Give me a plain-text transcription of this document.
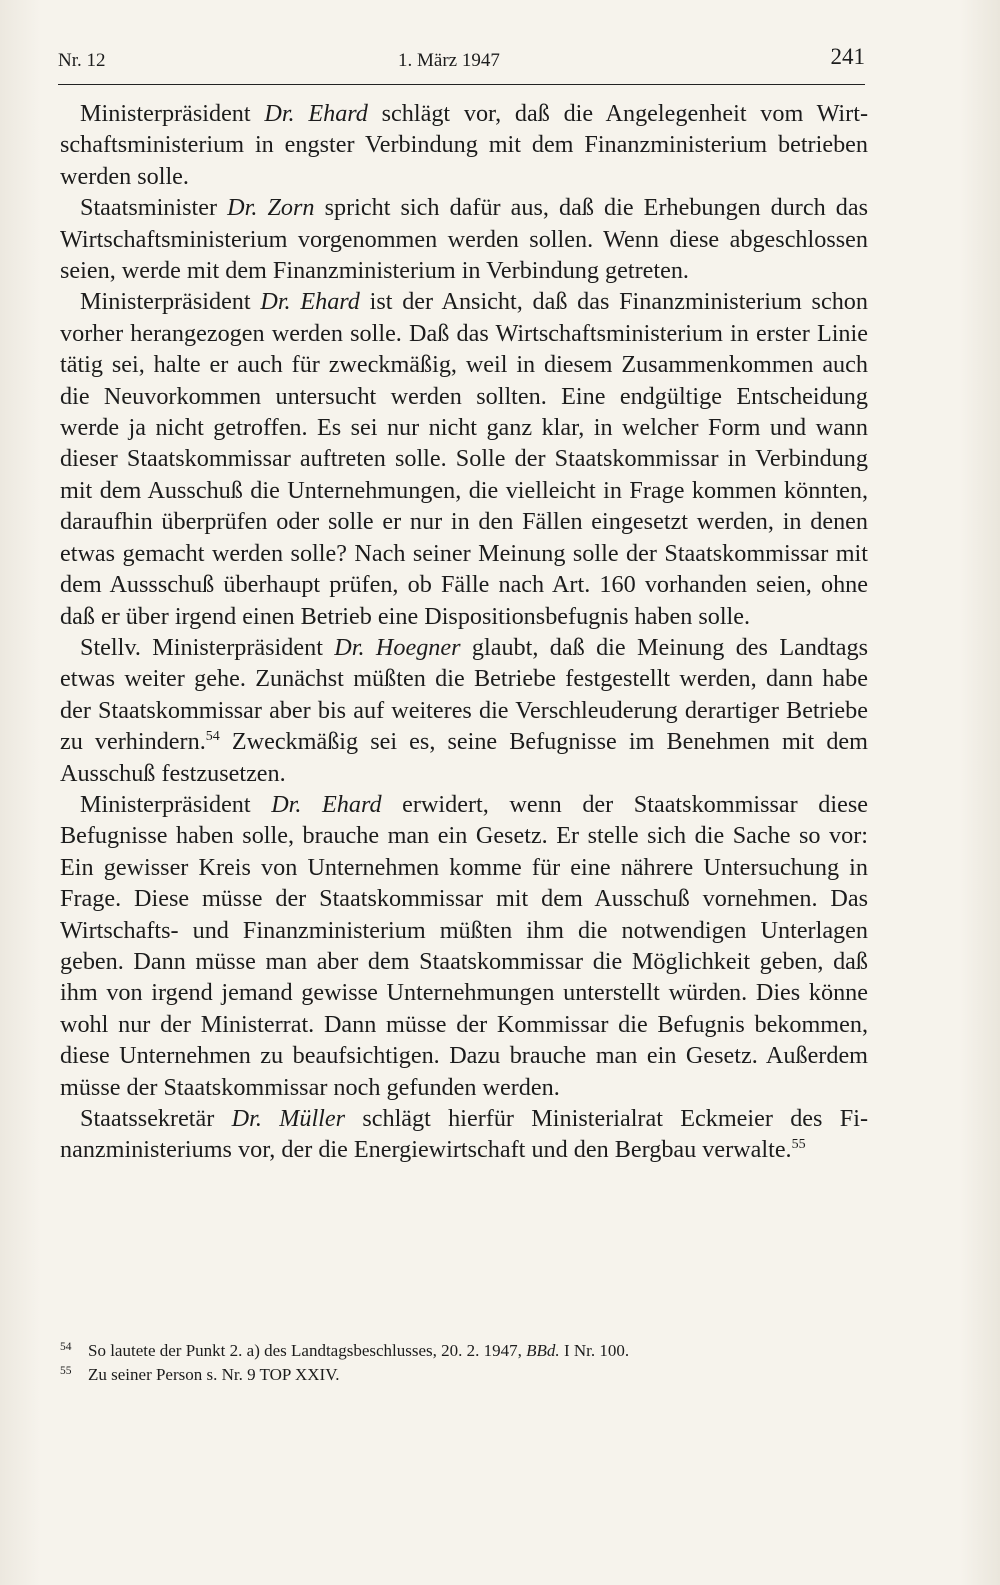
Nr. 12	1. März 1947	241

Ministerpräsident Dr. Ehard schlägt vor, daß die Angelegenheit vom Wirtschaftsministerium in engster Verbindung mit dem Finanzministerium betrieben werden solle.

Staatsminister Dr. Zorn spricht sich dafür aus, daß die Erhebungen durch das Wirtschaftsministerium vorgenommen werden sollen. Wenn diese abgeschlossen seien, werde mit dem Finanzministerium in Verbindung getreten.

Ministerpräsident Dr. Ehard ist der Ansicht, daß das Finanzministerium schon vorher herangezogen werden solle. Daß das Wirtschaftsministerium in erster Linie tätig sei, halte er auch für zweckmäßig, weil in diesem Zusammenkommen auch die Neuvorkommen untersucht werden sollten. Eine endgültige Entscheidung werde ja nicht getroffen. Es sei nur nicht ganz klar, in welcher Form und wann dieser Staatskommissar auftreten solle. Solle der Staatskommissar in Verbindung mit dem Ausschuß die Unternehmungen, die vielleicht in Frage kommen könnten, daraufhin überprüfen oder solle er nur in den Fällen eingesetzt werden, in denen etwas gemacht werden solle? Nach seiner Meinung solle der Staatskommissar mit dem Aussschuß überhaupt prüfen, ob Fälle nach Art. 160 vorhanden seien, ohne daß er über irgend einen Betrieb eine Dispositionsbefugnis haben solle.

Stellv. Ministerpräsident Dr. Hoegner glaubt, daß die Meinung des Landtags etwas weiter gehe. Zunächst müßten die Betriebe festgestellt werden, dann habe der Staatskommissar aber bis auf weiteres die Verschleuderung derartiger Betriebe zu verhindern.$^{54}$ Zweckmäßig sei es, seine Befugnisse im Benehmen mit dem Ausschuß festzusetzen.

Ministerpräsident Dr. Ehard erwidert, wenn der Staatskommissar diese Befugnisse haben solle, brauche man ein Gesetz. Er stelle sich die Sache so vor: Ein gewisser Kreis von Unternehmen komme für eine nährere Untersuchung in Frage. Diese müsse der Staatskommissar mit dem Ausschuß vornehmen. Das Wirtschafts- und Finanzministerium müßten ihm die notwendigen Unterlagen geben. Dann müsse man aber dem Staatskommissar die Möglichkeit geben, daß ihm von irgend jemand gewisse Unternehmungen unterstellt würden. Dies könne wohl nur der Ministerrat. Dann müsse der Kommissar die Befugnis bekommen, diese Unternehmen zu beaufsichtigen. Dazu brauche man ein Gesetz. Außerdem müsse der Staatskommissar noch gefunden werden.

Staatssekretär Dr. Müller schlägt hierfür Ministerialrat Eckmeier des Finanzministeriums vor, der die Energiewirtschaft und den Bergbau verwalte.$^{55}$

54 So lautete der Punkt 2. a) des Landtagsbeschlusses, 20. 2. 1947, BBd. I Nr. 100.

55 Zu seiner Person s. Nr. 9 TOP XXIV.
